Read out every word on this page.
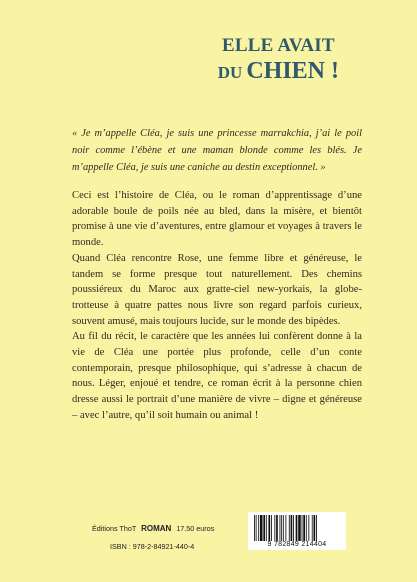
ELLE AVAIT
DU CHIEN !
« Je m’appelle Cléa, je suis une princesse marrakchia, j’ai le poil noir comme l’ébène et une maman blonde comme les blés. Je m’appelle Cléa, je suis une caniche au destin exceptionnel. »

Ceci est l’histoire de Cléa, ou le roman d’apprentissage d’une adorable boule de poils née au bled, dans la misère, et bientôt promise à une vie d’aventures, entre glamour et voyages à travers le monde.

Quand Cléa rencontre Rose, une femme libre et généreuse, le tandem se forme presque tout naturellement. Des chemins poussiéreux du Maroc aux gratte-ciel new-yorkais, la globe-trotteuse à quatre pattes nous livre son regard parfois curieux, souvent amusé, mais toujours lucide, sur le monde des bipèdes.

Au fil du récit, le caractère que les années lui confèrent donne à la vie de Cléa une portée plus profonde, celle d’un conte contemporain, presque philosophique, qui s’adresse à chacun de nous. Léger, enjoué et tendre, ce roman écrit à la personne chien dresse aussi le portrait d’une manière de vivre – digne et généreuse – avec l’autre, qu’il soit humain ou animal !

Éditions ThoT ROMAN 17.50 euros
ISBN : 978-2-84921-440-4	9 782849 214404
